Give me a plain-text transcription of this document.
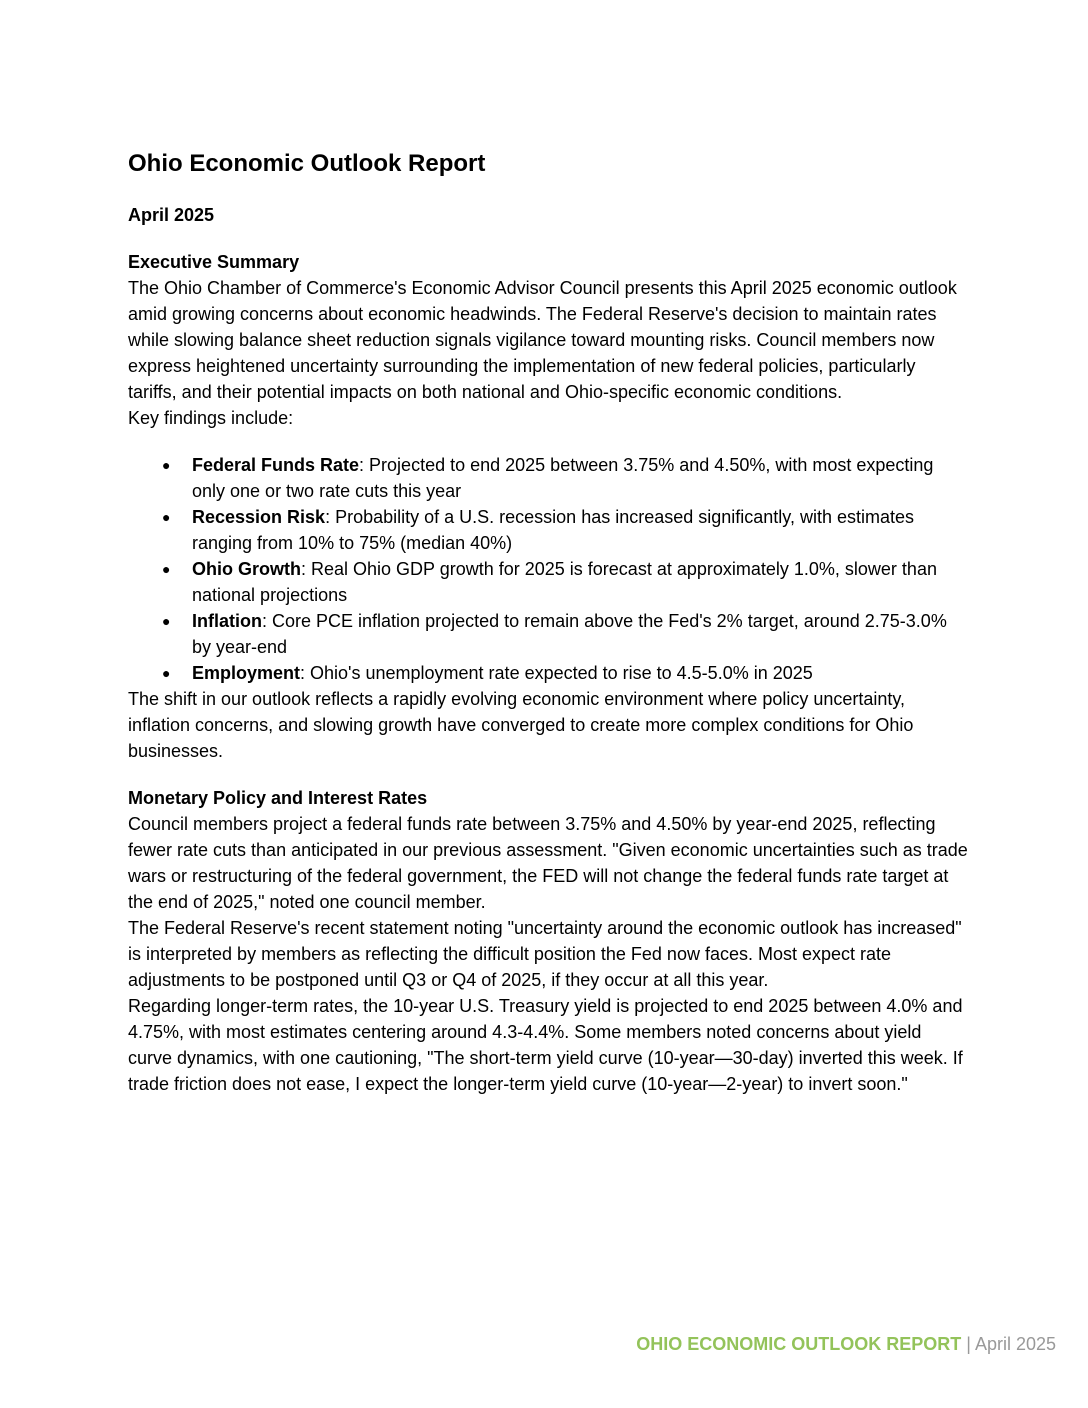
Ohio Economic Outlook Report
April 2025
Executive Summary

The Ohio Chamber of Commerce's Economic Advisor Council presents this April 2025 economic outlook amid growing concerns about economic headwinds. The Federal Reserve's decision to maintain rates while slowing balance sheet reduction signals vigilance toward mounting risks. Council members now express heightened uncertainty surrounding the implementation of new federal policies, particularly tariffs, and their potential impacts on both national and Ohio-specific economic conditions.

Key findings include:

● Federal Funds Rate: Projected to end 2025 between 3.75% and 4.50%, with most expecting only one or two rate cuts this year
● Recession Risk: Probability of a U.S. recession has increased significantly, with estimates ranging from 10% to 75% (median 40%)
● Ohio Growth: Real Ohio GDP growth for 2025 is forecast at approximately 1.0%, slower than national projections
● Inflation: Core PCE inflation projected to remain above the Fed's 2% target, around 2.75-3.0% by year-end
● Employment: Ohio's unemployment rate expected to rise to 4.5-5.0% in 2025

The shift in our outlook reflects a rapidly evolving economic environment where policy uncertainty, inflation concerns, and slowing growth have converged to create more complex conditions for Ohio businesses.

Monetary Policy and Interest Rates

Council members project a federal funds rate between 3.75% and 4.50% by year-end 2025, reflecting fewer rate cuts than anticipated in our previous assessment. "Given economic uncertainties such as trade wars or restructuring of the federal government, the FED will not change the federal funds rate target at the end of 2025," noted one council member.

The Federal Reserve's recent statement noting "uncertainty around the economic outlook has increased" is interpreted by members as reflecting the difficult position the Fed now faces. Most expect rate adjustments to be postponed until Q3 or Q4 of 2025, if they occur at all this year.

Regarding longer-term rates, the 10-year U.S. Treasury yield is projected to end 2025 between 4.0% and 4.75%, with most estimates centering around 4.3-4.4%. Some members noted concerns about yield curve dynamics, with one cautioning, "The short-term yield curve (10-year—30-day) inverted this week. If trade friction does not ease, I expect the longer-term yield curve (10-year—2-year) to invert soon."

OHIO ECONOMIC OUTLOOK REPORT | April 2025
